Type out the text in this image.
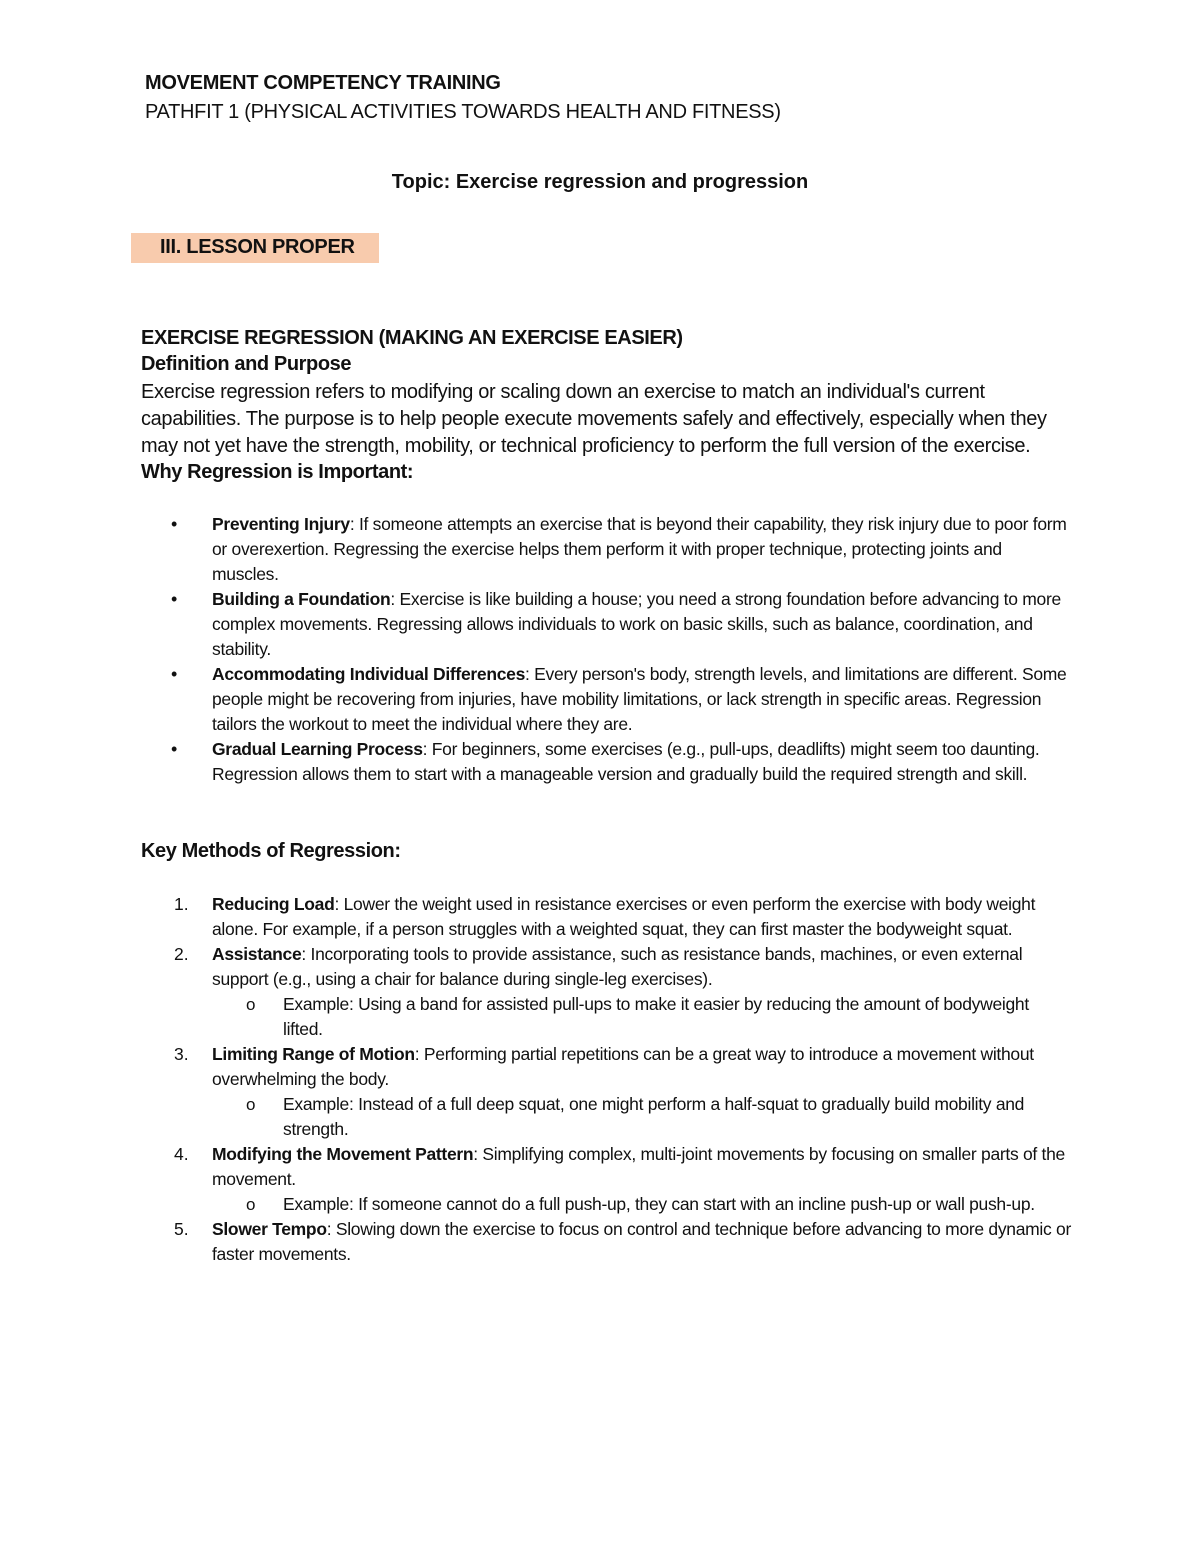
MOVEMENT COMPETENCY TRAINING
PATHFIT 1 (PHYSICAL ACTIVITIES TOWARDS HEALTH AND FITNESS)
Topic: Exercise regression and progression
III. LESSON PROPER
EXERCISE REGRESSION (MAKING AN EXERCISE EASIER)
Definition and Purpose
Exercise regression refers to modifying or scaling down an exercise to match an individual's current capabilities. The purpose is to help people execute movements safely and effectively, especially when they may not yet have the strength, mobility, or technical proficiency to perform the full version of the exercise.
Why Regression is Important:
• Preventing Injury: If someone attempts an exercise that is beyond their capability, they risk injury due to poor form or overexertion. Regressing the exercise helps them perform it with proper technique, protecting joints and muscles.
• Building a Foundation: Exercise is like building a house; you need a strong foundation before advancing to more complex movements. Regressing allows individuals to work on basic skills, such as balance, coordination, and stability.
• Accommodating Individual Differences: Every person's body, strength levels, and limitations are different. Some people might be recovering from injuries, have mobility limitations, or lack strength in specific areas. Regression tailors the workout to meet the individual where they are.
• Gradual Learning Process: For beginners, some exercises (e.g., pull-ups, deadlifts) might seem too daunting. Regression allows them to start with a manageable version and gradually build the required strength and skill.
Key Methods of Regression:
1. Reducing Load: Lower the weight used in resistance exercises or even perform the exercise with body weight alone. For example, if a person struggles with a weighted squat, they can first master the bodyweight squat.
2. Assistance: Incorporating tools to provide assistance, such as resistance bands, machines, or even external support (e.g., using a chair for balance during single-leg exercises).
o Example: Using a band for assisted pull-ups to make it easier by reducing the amount of bodyweight lifted.
3. Limiting Range of Motion: Performing partial repetitions can be a great way to introduce a movement without overwhelming the body.
o Example: Instead of a full deep squat, one might perform a half-squat to gradually build mobility and strength.
4. Modifying the Movement Pattern: Simplifying complex, multi-joint movements by focusing on smaller parts of the movement.
o Example: If someone cannot do a full push-up, they can start with an incline push-up or wall push-up.
5. Slower Tempo: Slowing down the exercise to focus on control and technique before advancing to more dynamic or faster movements.
